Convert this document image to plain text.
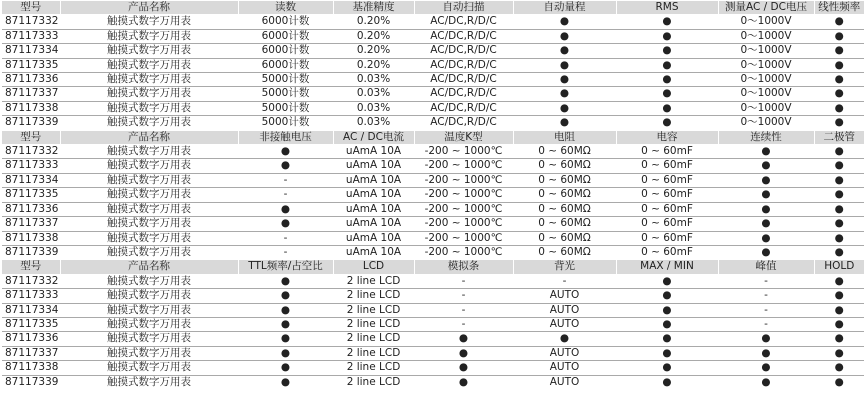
型号	产品名称	读数	基准精度	自动扫描	自动量程	RMS	测量AC / DC电压	线性频率
87117332	触摸式数字万用表	6000计数	0.20%	AC/DC,R/D/C	●	●	0～1000V	●
87117333	触摸式数字万用表	6000计数	0.20%	AC/DC,R/D/C	●	●	0～1000V	●
87117334	触摸式数字万用表	6000计数	0.20%	AC/DC,R/D/C	●	●	0～1000V	●
87117335	触摸式数字万用表	6000计数	0.20%	AC/DC,R/D/C	●	●	0～1000V	●
87117336	触摸式数字万用表	5000计数	0.03%	AC/DC,R/D/C	●	●	0～1000V	●
87117337	触摸式数字万用表	5000计数	0.03%	AC/DC,R/D/C	●	●	0～1000V	●
87117338	触摸式数字万用表	5000计数	0.03%	AC/DC,R/D/C	●	●	0～1000V	●
87117339	触摸式数字万用表	5000计数	0.03%	AC/DC,R/D/C	●	●	0～1000V	●
型号	产品名称	非接触电压	AC / DC电流	温度K型	电阻	电容	连续性	二极管
87117332	触摸式数字万用表	●	uAmA 10A	-200 ~ 1000℃	0 ~ 60MΩ	0 ~ 60mF	●	●
87117333	触摸式数字万用表	●	uAmA 10A	-200 ~ 1000℃	0 ~ 60MΩ	0 ~ 60mF	●	●
87117334	触摸式数字万用表	-	uAmA 10A	-200 ~ 1000℃	0 ~ 60MΩ	0 ~ 60mF	●	●
87117335	触摸式数字万用表	-	uAmA 10A	-200 ~ 1000℃	0 ~ 60MΩ	0 ~ 60mF	●	●
87117336	触摸式数字万用表	●	uAmA 10A	-200 ~ 1000℃	0 ~ 60MΩ	0 ~ 60mF	●	●
87117337	触摸式数字万用表	●	uAmA 10A	-200 ~ 1000℃	0 ~ 60MΩ	0 ~ 60mF	●	●
87117338	触摸式数字万用表	-	uAmA 10A	-200 ~ 1000℃	0 ~ 60MΩ	0 ~ 60mF	●	●
87117339	触摸式数字万用表	-	uAmA 10A	-200 ~ 1000℃	0 ~ 60MΩ	0 ~ 60mF	●	●
型号	产品名称	TTL频率/占空比	LCD	模拟条	背光	MAX / MIN	峰值	HOLD
87117332	触摸式数字万用表	●	2 line LCD	-	-	●	-	●
87117333	触摸式数字万用表	●	2 line LCD	-	AUTO	●	-	●
87117334	触摸式数字万用表	●	2 line LCD	-	AUTO	●	-	●
87117335	触摸式数字万用表	●	2 line LCD	-	AUTO	●	-	●
87117336	触摸式数字万用表	●	2 line LCD	●	●	●	●	●
87117337	触摸式数字万用表	●	2 line LCD	●	AUTO	●	●	●
87117338	触摸式数字万用表	●	2 line LCD	●	AUTO	●	●	●
87117339	触摸式数字万用表	●	2 line LCD	●	AUTO	●	●	●
